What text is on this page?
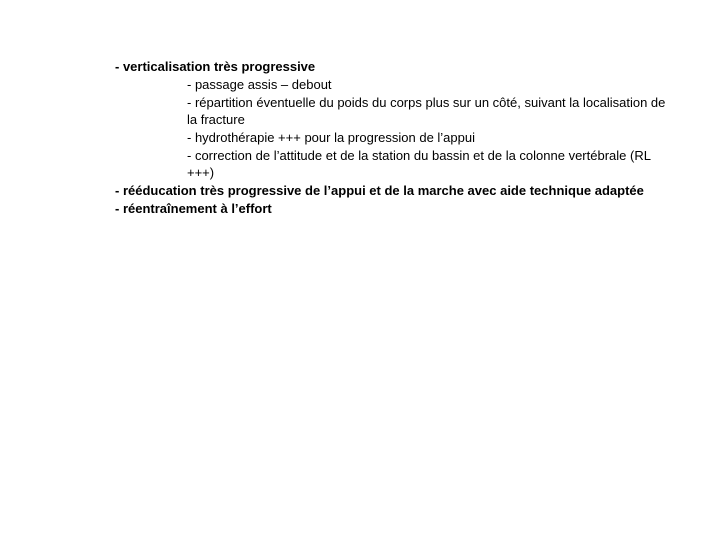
- verticalisation très progressive
- passage assis – debout
- répartition éventuelle du poids du corps plus sur un côté, suivant la localisation de la fracture
- hydrothérapie +++ pour la progression de l’appui
- correction de l’attitude et de la station du bassin et de la colonne vertébrale (RL +++)
- rééducation très progressive de l’appui et de la marche avec aide technique adaptée
- réentraînement à l’effort
